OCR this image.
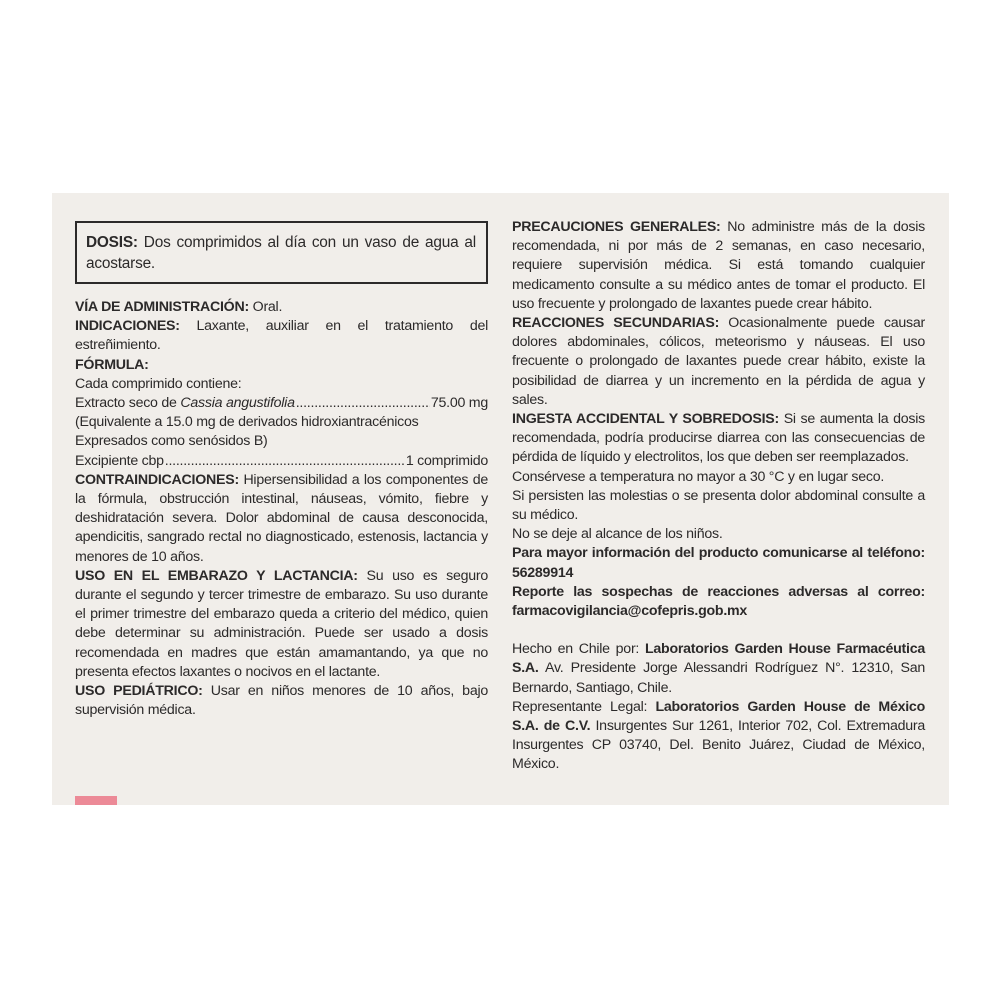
DOSIS: Dos comprimidos al día con un vaso de agua al acostarse.

VÍA DE ADMINISTRACIÓN: Oral.

INDICACIONES: Laxante, auxiliar en el tratamiento del estreñimiento.

FÓRMULA:

Cada comprimido contiene:

Extracto seco de
Cassia angustifolia .....	75.00 mg

(Equivalente a 15.0 mg de derivados hidroxiantracénicos

Expresados como senósidos B)

Excipiente cbp .....	1 comprimido

CONTRAINDICACIONES: Hipersensibilidad a los componentes de la fórmula, obstrucción intestinal, náuseas, vómito, fiebre y deshidratación severa. Dolor abdominal de causa desconocida, apendicitis, sangrado rectal no diagnosticado, estenosis, lactancia y menores de 10 años.

USO EN EL EMBARAZO Y LACTANCIA: Su uso es seguro durante el segundo y tercer trimestre de embarazo. Su uso durante el primer trimestre del embarazo queda a criterio del médico, quien debe determinar su administración. Puede ser usado a dosis recomendada en madres que están amamantando, ya que no presenta efectos laxantes o nocivos en el lactante.

USO PEDIÁTRICO: Usar en niños menores de 10 años, bajo supervisión médica.

PRECAUCIONES GENERALES: No administre más de la dosis recomendada, ni por más de 2 semanas, en caso necesario, requiere supervisión médica. Si está tomando cualquier medicamento consulte a su médico antes de tomar el producto. El uso frecuente y prolongado de laxantes puede crear hábito.

REACCIONES SECUNDARIAS: Ocasionalmente puede causar dolores abdominales, cólicos, meteorismo y náuseas. El uso frecuente o prolongado de laxantes puede crear hábito, existe la posibilidad de diarrea y un incremento en la pérdida de agua y sales.

INGESTA ACCIDENTAL Y SOBREDOSIS: Si se aumenta la dosis recomendada, podría producirse diarrea con las consecuencias de pérdida de líquido y electrolitos, los que deben ser reemplazados.

Consérvese a temperatura no mayor a 30 °C y en lugar seco.

Si persisten las molestias o se presenta dolor abdominal consulte a su médico.

No se deje al alcance de los niños.

Para mayor información del producto comunicarse al teléfono: 56289914

Reporte las sospechas de reacciones adversas al correo: farmacovigilancia@cofepris.gob.mx

Hecho en Chile por: Laboratorios Garden House Farmacéutica S.A. Av. Presidente Jorge Alessandri Rodríguez N°. 12310, San Bernardo, Santiago, Chile.

Representante Legal: Laboratorios Garden House de México S.A. de C.V. Insurgentes Sur 1261, Interior 702, Col. Extremadura Insurgentes CP 03740, Del. Benito Juárez, Ciudad de México, México.
